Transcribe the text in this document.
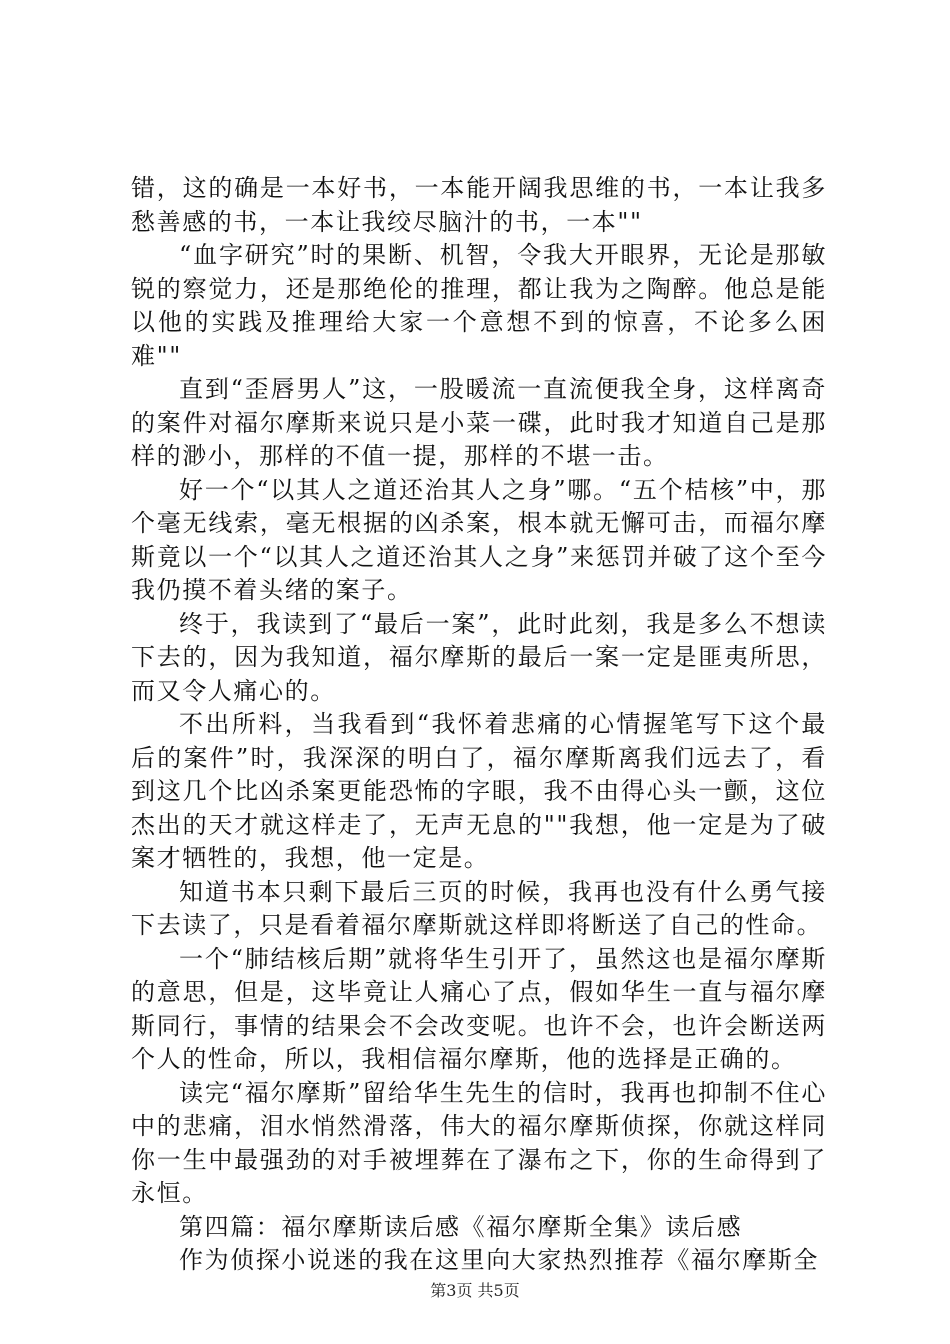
错，这的确是一本好书，一本能开阔我思维的书，一本让我多愁善感的书，一本让我绞尽脑汁的书，一本""

“血字研究”时的果断、机智，令我大开眼界，无论是那敏锐的察觉力，还是那绝伦的推理，都让我为之陶醉。他总是能以他的实践及推理给大家一个意想不到的惊喜，不论多么困难""

直到“歪唇男人”这，一股暖流一直流便我全身，这样离奇的案件对福尔摩斯来说只是小菜一碟，此时我才知道自己是那样的渺小，那样的不值一提，那样的不堪一击。

好一个“以其人之道还治其人之身”哪。“五个桔核”中，那个毫无线索，毫无根据的凶杀案，根本就无懈可击，而福尔摩斯竟以一个“以其人之道还治其人之身”来惩罚并破了这个至今我仍摸不着头绪的案子。

终于，我读到了“最后一案”，此时此刻，我是多么不想读下去的，因为我知道，福尔摩斯的最后一案一定是匪夷所思，而又令人痛心的。

不出所料，当我看到“我怀着悲痛的心情握笔写下这个最后的案件”时，我深深的明白了，福尔摩斯离我们远去了，看到这几个比凶杀案更能恐怖的字眼，我不由得心头一颤，这位杰出的天才就这样走了，无声无息的""我想，他一定是为了破案才牺牲的，我想，他一定是。

知道书本只剩下最后三页的时候，我再也没有什么勇气接下去读了，只是看着福尔摩斯就这样即将断送了自己的性命。

一个“肺结核后期”就将华生引开了，虽然这也是福尔摩斯的意思，但是，这毕竟让人痛心了点，假如华生一直与福尔摩斯同行，事情的结果会不会改变呢。也许不会，也许会断送两个人的性命，所以，我相信福尔摩斯，他的选择是正确的。

读完“福尔摩斯”留给华生先生的信时，我再也抑制不住心中的悲痛，泪水悄然滑落，伟大的福尔摩斯侦探，你就这样同你一生中最强劲的对手被埋葬在了瀑布之下，你的生命得到了永恒。

第四篇：福尔摩斯读后感《福尔摩斯全集》读后感

作为侦探小说迷的我在这里向大家热烈推荐《福尔摩斯全

第3页 共5页
